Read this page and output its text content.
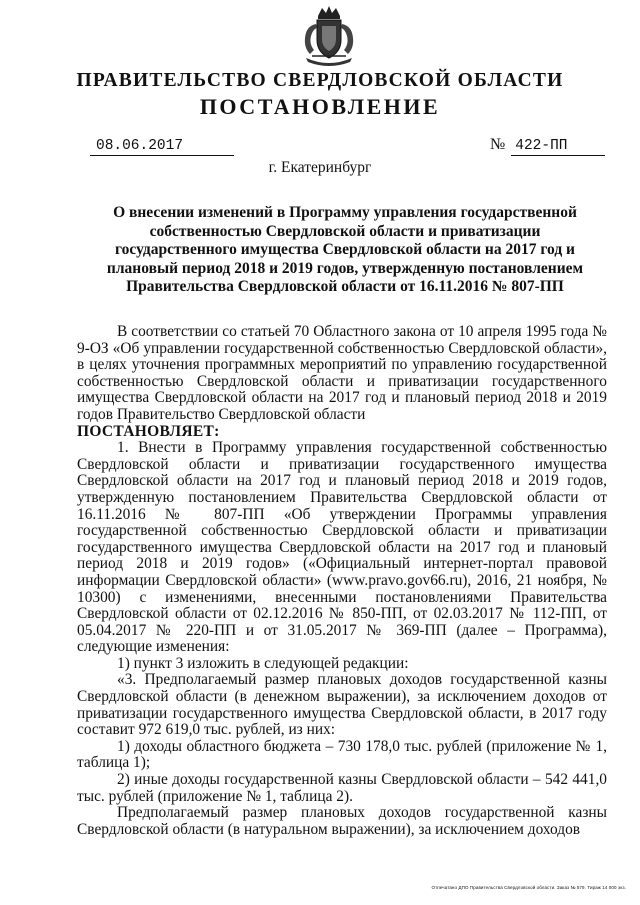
ПРАВИТЕЛЬСТВО СВЕРДЛОВСКОЙ ОБЛАСТИ
ПОСТАНОВЛЕНИЕ
08.06.2017	№ 422-ПП
г. Екатеринбург
О внесении изменений в Программу управления государственной собственностью Свердловской области и приватизации государственного имущества Свердловской области на 2017 год и плановый период 2018 и 2019 годов, утвержденную постановлением Правительства Свердловской области от 16.11.2016 № 807-ПП

В соответствии со статьей 70 Областного закона от 10 апреля 1995 года № 9-ОЗ «Об управлении государственной собственностью Свердловской области», в целях уточнения программных мероприятий по управлению государственной собственностью Свердловской области и приватизации государственного имущества Свердловской области на 2017 год и плановый период 2018 и 2019 годов Правительство Свердловской области

ПОСТАНОВЛЯЕТ:

1. Внести в Программу управления государственной собственностью Свердловской области и приватизации государственного имущества Свердловской области на 2017 год и плановый период 2018 и 2019 годов, утвержденную постановлением Правительства Свердловской области от 16.11.2016 № 807-ПП «Об утверждении Программы управления государственной собственностью Свердловской области и приватизации государственного имущества Свердловской области на 2017 год и плановый период 2018 и 2019 годов» («Официальный интернет-портал правовой информации Свердловской области» (www.pravo.gov66.ru), 2016, 21 ноября, № 10300) с изменениями, внесенными постановлениями Правительства Свердловской области от 02.12.2016 № 850-ПП, от 02.03.2017 № 112-ПП, от 05.04.2017 № 220-ПП и от 31.05.2017 № 369-ПП (далее – Программа), следующие изменения:

1) пункт 3 изложить в следующей редакции:

«3. Предполагаемый размер плановых доходов государственной казны Свердловской области (в денежном выражении), за исключением доходов от приватизации государственного имущества Свердловской области, в 2017 году составит 972 619,0 тыс. рублей, из них:

1) доходы областного бюджета – 730 178,0 тыс. рублей (приложение № 1, таблица 1);

2) иные доходы государственной казны Свердловской области – 542 441,0 тыс. рублей (приложение № 1, таблица 2).

Предполагаемый размер плановых доходов государственной казны Свердловской области (в натуральном выражении), за исключением доходов

Отпечатано ДПО Правительства Свердловской области. Заказ № 579. Тираж 14 000 экз.
